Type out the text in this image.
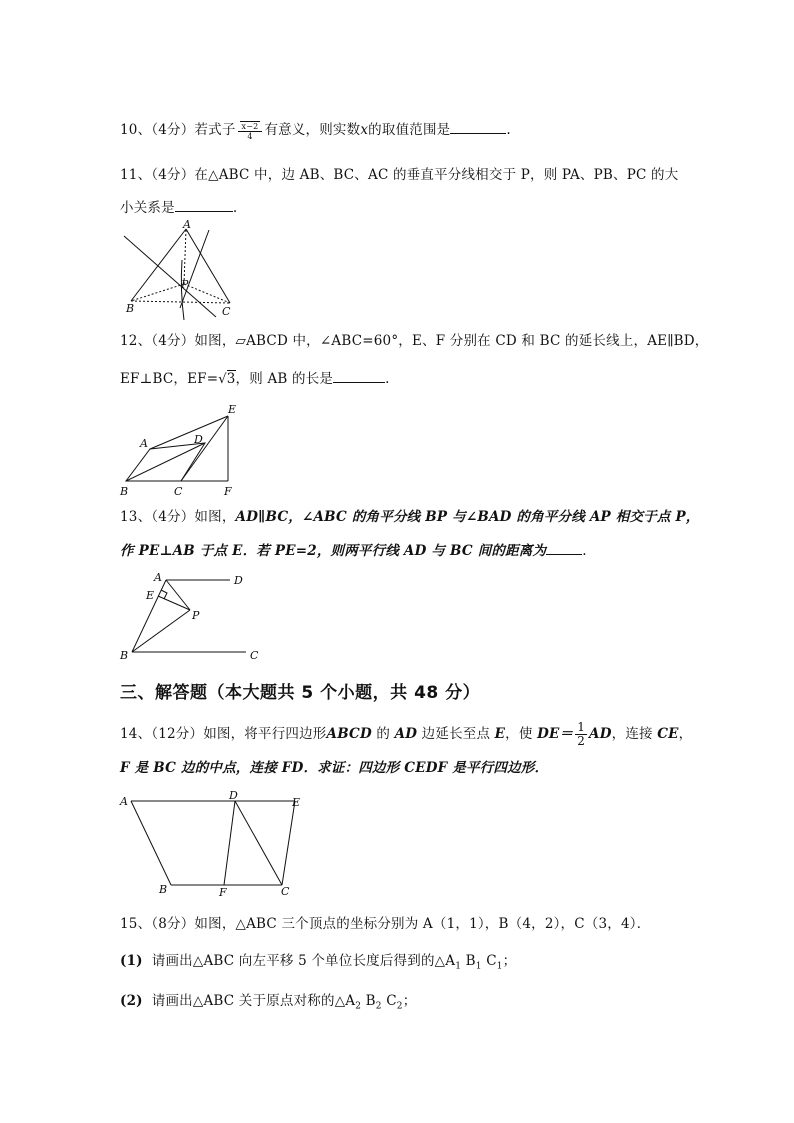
10、（4分）若式子 $\frac{x-2}{4}$ 有意义，则实数x的取值范围是	.
11、（4分）在△ABC 中，边 AB、BC、AC 的垂直平分线相交于 P，则 PA、PB、PC 的大
小关系是	.
A
B	C
P
12、（4分）如图，▱ABCD 中，∠ABC=60°，E、F 分别在 CD 和 BC 的延长线上，AE∥BD，
EF⊥BC，EF=√3，则 AB 的长是	.
A	D
E
B	C	F
13、（4分）如图，AD∥BC，∠ABC 的角平分线 BP 与∠BAD 的角平分线 AP 相交于点 P，
作 PE⊥AB 于点 E．若 PE=2，则两平行线 AD 与 BC 间的距离为	.
A	D
E
P
B	C
三、解答题（本大题共 5 个小题，共 48 分）
14、（12分）如图，将平行四边形ABCD 的 AD 边延长至点 E，使 $DE= \frac{1}{2}$ AD，连接 CE，
F 是 BC 边的中点，连接 FD．求证：四边形 CEDF 是平行四边形．
A	D
E
B	F	C
15、（8分）如图，△ABC 三个顶点的坐标分别为 A（1，1），B（4，2），C（3，4）．
(1) 请画出△ABC 向左平移 5 个单位长度后得到的$\triangle A_1$ $B_1$ $C_1$；
(2) 请画出△ABC 关于原点对称的$\triangle A_2$ $B_2$ $C_2$；
